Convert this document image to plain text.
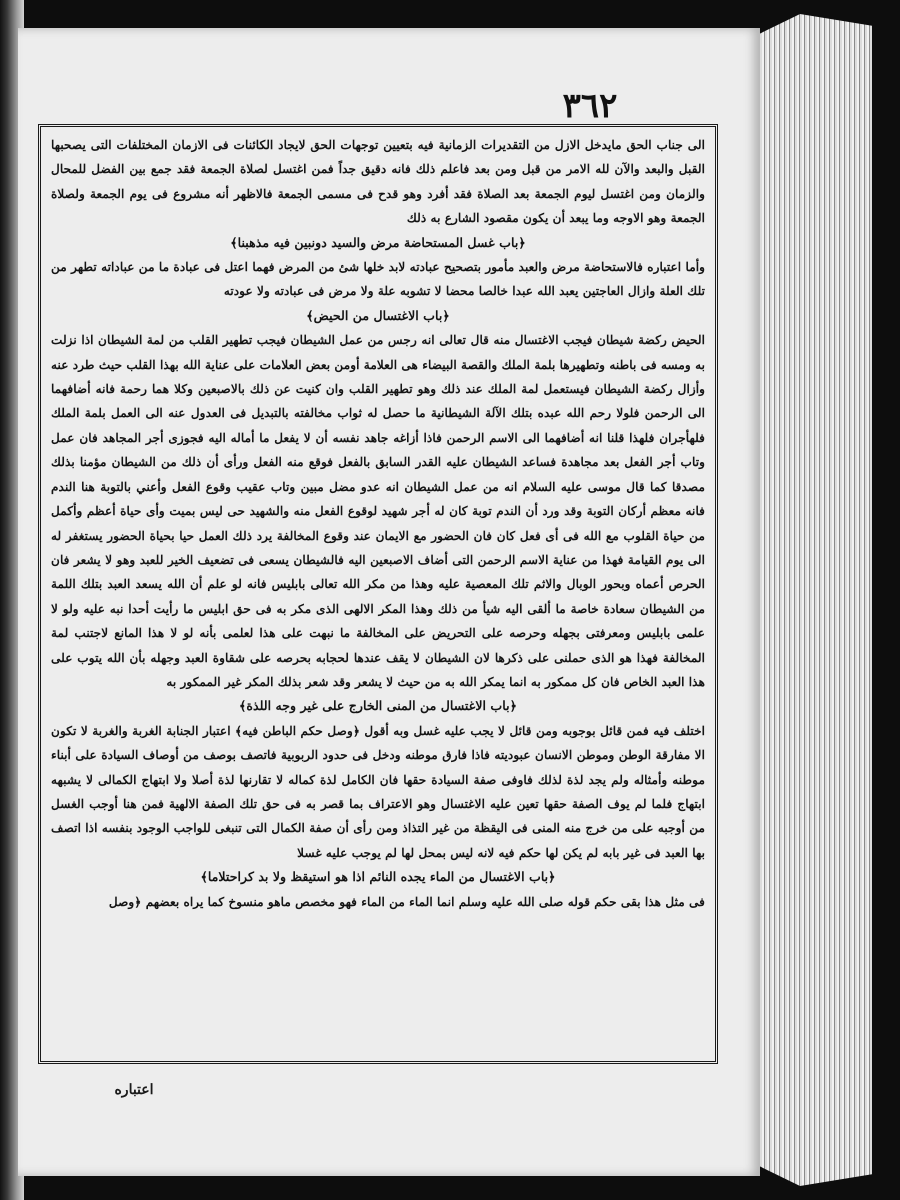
٣٦٢

الى جناب الحق مايدخل الازل من التقديرات الزمانية فيه بتعيين توجهات الحق لايجاد الكائنات فى الازمان المختلفات التى يصحبها القبل والبعد والآن لله الامر من قبل ومن بعد فاعلم ذلك فانه دقيق جداً فمن اغتسل لصلاة الجمعة فقد جمع بين الفضل للمحال والزمان ومن اغتسل ليوم الجمعة بعد الصلاة فقد أفرد وهو قدح فى مسمى الجمعة فالاظهر أنه مشروع فى يوم الجمعة ولصلاة الجمعة وهو الاوجه وما يبعد أن يكون مقصود الشارع به ذلك

﴿باب غسل المستحاضة مرض والسيد دونبين فيه مذهبنا﴾

وأما اعتباره فالاستحاضة مرض والعبد مأمور بتصحيح عبادته لابد خلها شئ من المرض فهما اعتل فى عبادة ما من عباداته تطهر من تلك العلة وازال العاجتين يعبد الله عبدا خالصا محضا لا تشوبه علة ولا مرض فى عبادته ولا عودته

﴿باب الاغتسال من الحيض﴾

الحيض ركضة شيطان فيجب الاغتسال منه قال تعالى انه رجس من عمل الشيطان فيجب تطهير القلب من لمة الشيطان اذا نزلت به ومسه فى باطنه وتطهيرها بلمة الملك والقصة البيضاء هى العلامة أومن بعض العلامات على عناية الله بهذا القلب حيث طرد عنه وأزال ركضة الشيطان فيستعمل لمة الملك عند ذلك وهو تطهير القلب وان كنيت عن ذلك بالاصبعين وكلا هما رحمة فانه أضافهما الى الرحمن فلولا رحم الله عبده بتلك الآلة الشيطانية ما حصل له ثواب مخالفته بالتبديل فى العدول عنه الى العمل بلمة الملك فلهأجران فلهذا قلنا انه أضافهما الى الاسم الرحمن فاذا أزاغه جاهد نفسه أن لا يفعل ما أماله اليه فجوزى أجر المجاهد فان عمل وتاب أجر الفعل بعد مجاهدة فساعد الشيطان عليه القدر السابق بالفعل فوقع منه الفعل ورأى أن ذلك من الشيطان مؤمنا بذلك مصدقا كما قال موسى عليه السلام انه من عمل الشيطان انه عدو مضل مبين وتاب عقيب وقوع الفعل وأعني بالتوبة هنا الندم فانه معظم أركان التوبة وقد ورد أن الندم توبة كان له أجر شهيد لوقوع الفعل منه والشهيد حى ليس بميت وأى حياة أعظم وأكمل من حياة القلوب مع الله فى أى فعل كان فان الحضور مع الايمان عند وقوع المخالفة يرد ذلك العمل حيا بحياة الحضور يستغفر له الى يوم القيامة فهذا من عناية الاسم الرحمن التى أضاف الاصبعين اليه فالشيطان يسعى فى تضعيف الخير للعبد وهو لا يشعر فان الحرص أعماه وبحور الوبال والاثم تلك المعصية عليه وهذا من مكر الله تعالى بابليس فانه لو علم أن الله يسعد العبد بتلك اللمة من الشيطان سعادة خاصة ما ألقى اليه شيأ من ذلك وهذا المكر الالهى الذى مكر به فى حق ابليس ما رأيت أحدا نبه عليه ولو لا علمى بابليس ومعرفتى بجهله وحرصه على التحريض على المخالفة ما نبهت على هذا لعلمى بأنه لو لا هذا المانع لاجتنب لمة المخالفة فهذا هو الذى حملنى على ذكرها لان الشيطان لا يقف عندها لحجابه بحرصه على شقاوة العبد وجهله بأن الله يتوب على هذا العبد الخاص فان كل ممكور به انما يمكر الله به من حيث لا يشعر وقد شعر بذلك المكر غير الممكور به

﴿باب الاغتسال من المنى الخارج على غير وجه اللذة﴾

اختلف فيه فمن قائل بوجوبه ومن قائل لا يجب عليه غسل وبه أقول ﴿وصل حكم الباطن فيه﴾ اعتبار الجنابة الغربة والغربة لا تكون الا مفارقة الوطن وموطن الانسان عبوديته فاذا فارق موطنه ودخل فى حدود الربوبية فاتصف بوصف من أوصاف السيادة على أبناء موطنه وأمثاله ولم يجد لذة لذلك فاوفى صفة السيادة حقها فان الكامل لذة كماله لا تقارنها لذة أصلا ولا ابتهاج الكمالى لا يشبهه ابتهاج فلما لم يوف الصفة حقها تعين عليه الاغتسال وهو الاعتراف بما قصر به فى حق تلك الصفة الالهية فمن هنا أوجب الغسل من أوجبه على من خرج منه المنى فى اليقظة من غير التذاذ ومن رأى أن صفة الكمال التى تنبغى للواجب الوجود بنفسه اذا اتصف بها العبد فى غير بابه لم يكن لها حكم فيه لانه ليس بمحل لها لم يوجب عليه غسلا

﴿باب الاغتسال من الماء يجده النائم اذا هو استيقظ ولا بد كراحتلاما﴾

فى مثل هذا بقى حكم قوله صلى الله عليه وسلم انما الماء من الماء فهو مخصص ماهو منسوخ كما يراه بعضهم ﴿وصل

اعتباره
